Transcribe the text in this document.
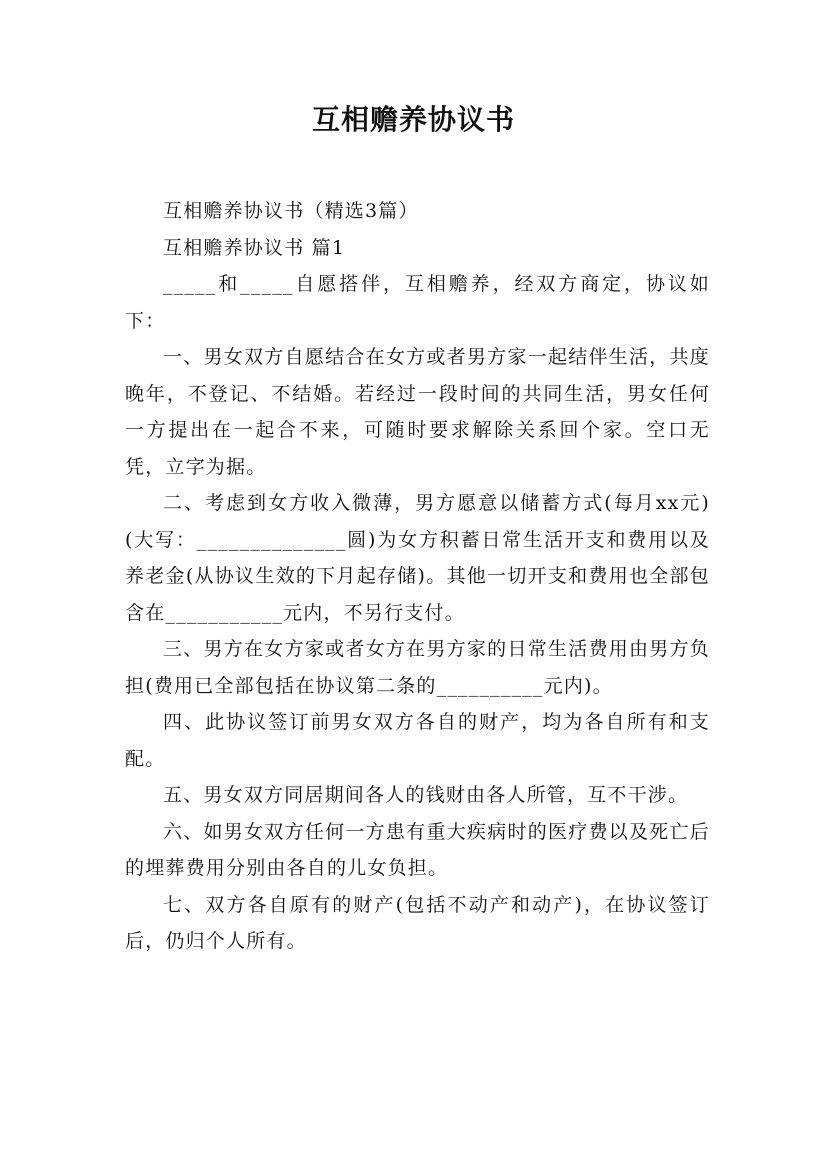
互相赡养协议书

互相赡养协议书（精选3篇）

互相赡养协议书 篇1

_____和_____自愿搭伴，互相赡养，经双方商定，协议如下：

一、男女双方自愿结合在女方或者男方家一起结伴生活，共度晚年，不登记、不结婚。若经过一段时间的共同生活，男女任何一方提出在一起合不来，可随时要求解除关系回个家。空口无凭，立字为据。

二、考虑到女方收入微薄，男方愿意以储蓄方式(每月xx元)(大写：______________圆)为女方积蓄日常生活开支和费用以及养老金(从协议生效的下月起存储)。其他一切开支和费用也全部包含在___________元内，不另行支付。

三、男方在女方家或者女方在男方家的日常生活费用由男方负担(费用已全部包括在协议第二条的__________元内)。

四、此协议签订前男女双方各自的财产，均为各自所有和支配。

五、男女双方同居期间各人的钱财由各人所管，互不干涉。

六、如男女双方任何一方患有重大疾病时的医疗费以及死亡后的埋葬费用分别由各自的儿女负担。

七、双方各自原有的财产(包括不动产和动产)，在协议签订后，仍归个人所有。
